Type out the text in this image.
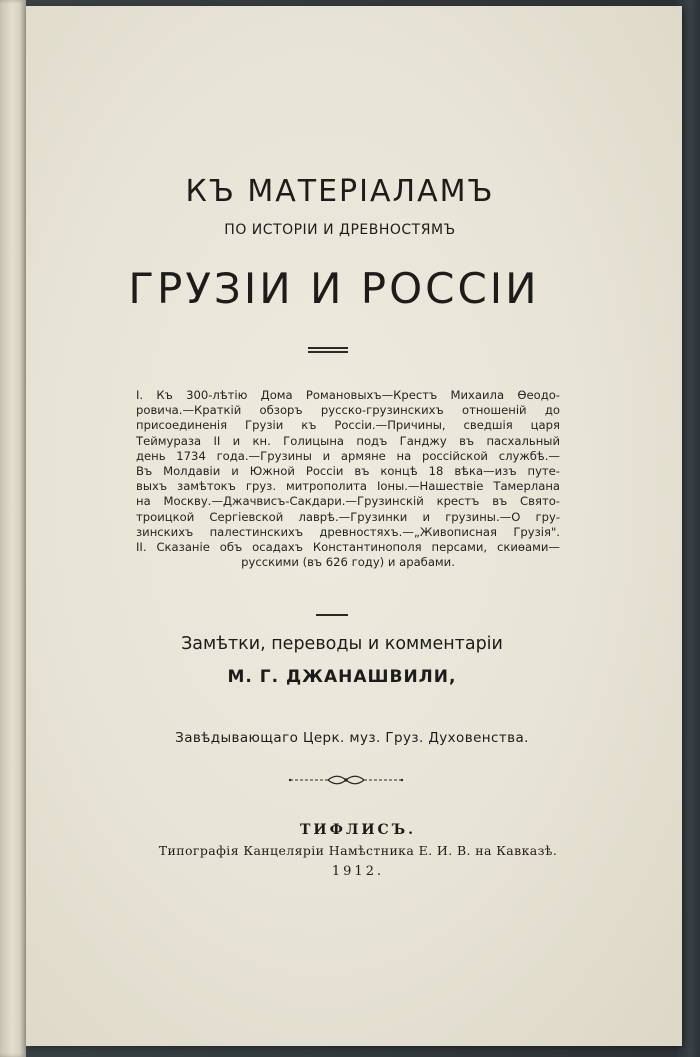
КЪ МАТЕРІАЛАМЪ
ПО ИСТОРІИ И ДРЕВНОСТЯМЪ
ГРУЗІИ И РОССІИ
I. Къ 300-лѣтію Дома Романовыхъ—Крестъ Михаила Ѳеодо-
ровича.—Краткій обзоръ русско-грузинскихъ отношеній до
присоединенія Грузіи къ Россіи.—Причины, сведшія царя
Теймураза II и кн. Голицына подъ Ганджу въ пасхальный
день 1734 года.—Грузины и армяне на россійской службѣ.—
Въ Молдавіи и Южной Россіи въ концѣ 18 вѣка—изъ путе-
выхъ замѣтокъ груз. митрополита Іоны.—Нашествіе Тамерлана
на Москву.—Джачвисъ-Сакдари.—Грузинскій крестъ въ Свято-
троицкой Сергіевской лаврѣ.—Грузинки и грузины.—О гру-
зинскихъ палестинскихъ древностяхъ.—„Живописная Грузія".
II. Сказаніе объ осадахъ Константинополя персами, скиѳами—
русскими (въ 626 году) и арабами.
Замѣтки, переводы и комментаріи
М. Г. ДЖАНАШВИЛИ,
Завѣдывающаго Церк. муз. Груз. Духовенства.
ТИФЛИСЪ.
Типографія Канцеляріи Намѣстника Е. И. В. на Кавказѣ.
1912.
